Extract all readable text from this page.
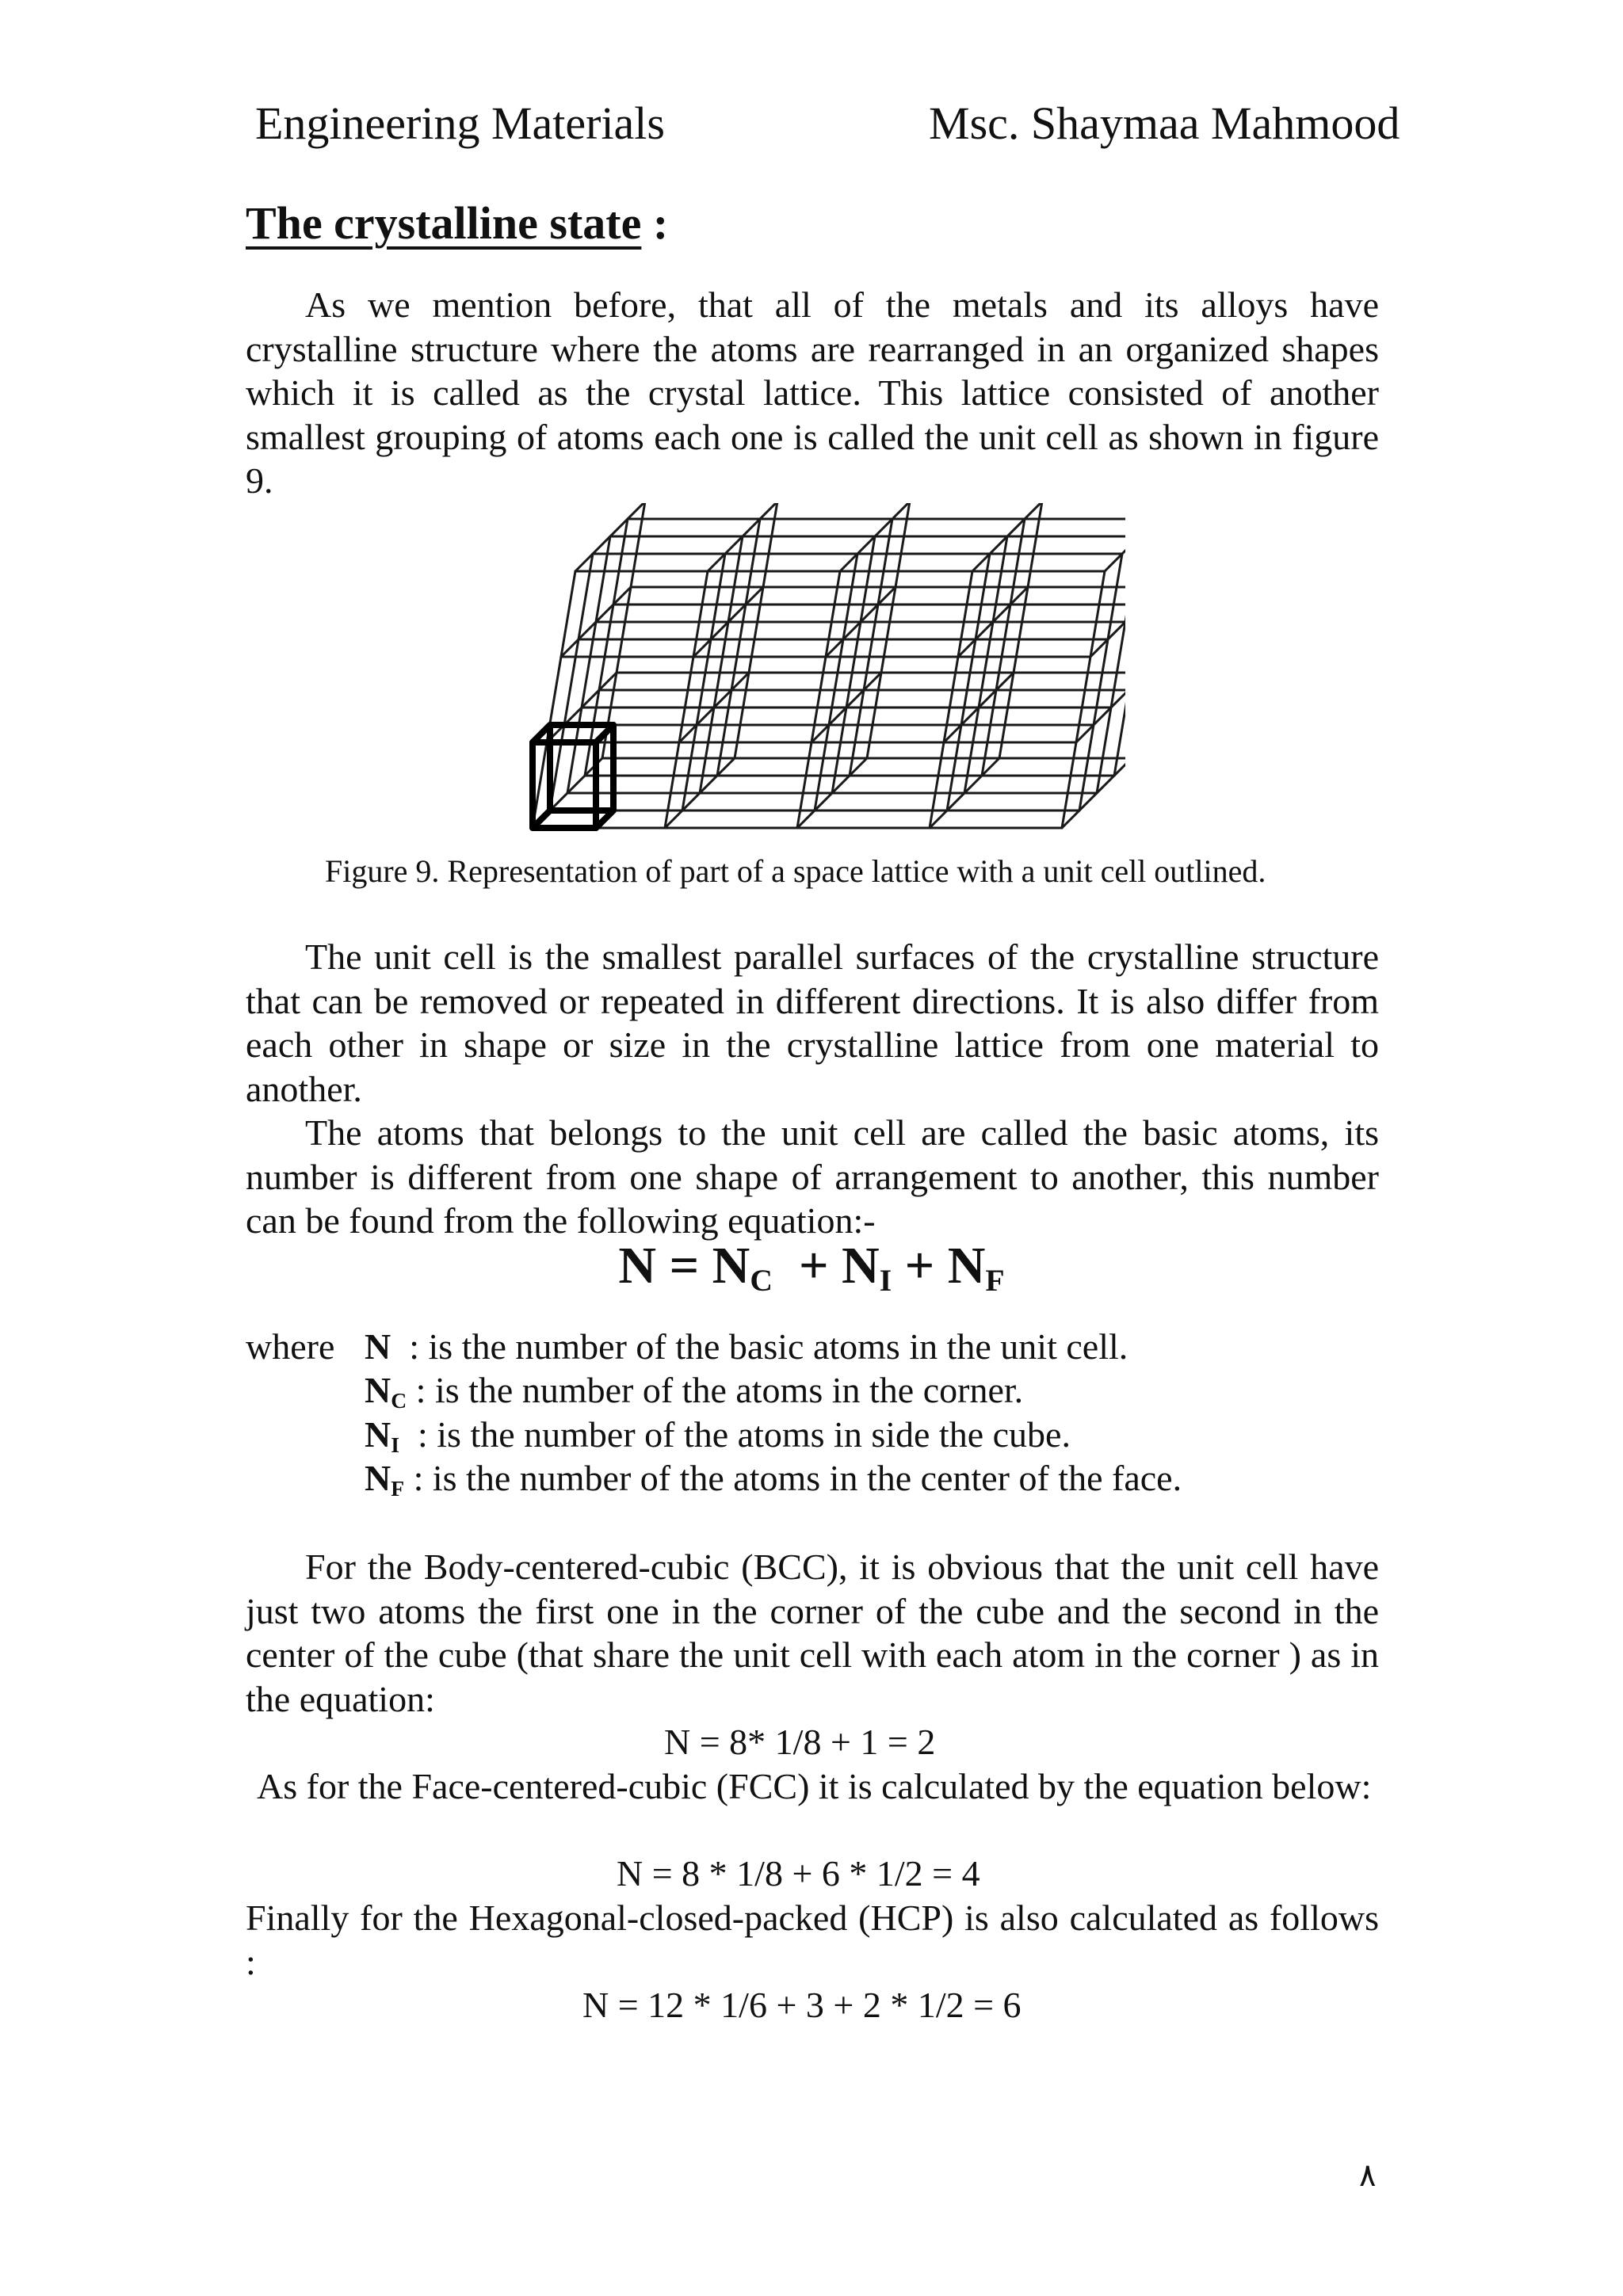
Engineering Materials	Msc. Shaymaa Mahmood
The crystalline state :

As we mention before, that all of the metals and its alloys have crystalline structure where the atoms are rearranged in an organized shapes which it is called as the crystal lattice. This lattice consisted of another smallest grouping of atoms each one is called the unit cell as shown in figure 9.

Figure 9. Representation of part of a space lattice with a unit cell outlined.

The unit cell is the smallest parallel surfaces of the crystalline structure that can be removed or repeated in different directions. It is also differ from each other in shape or size in the crystalline lattice from one material to another.

The atoms that belongs to the unit cell are called the basic atoms, its number is different from one shape of arrangement to another, this number can be found from the following equation:-

$N = N_C + N_I + N_F$
where N  : is the number of the basic atoms in the unit cell.
$N_C$ : is the number of the atoms in the corner.
$N_I$  : is the number of the atoms in side the cube.
$N_F$ : is the number of the atoms in the center of the face.

For the Body-centered-cubic (BCC), it is obvious that the unit cell have just two atoms the first one in the corner of the cube and the second in the center of the cube (that share the unit cell with each atom in the corner ) as in the equation:

N = 8* 1/8 + 1 = 2

As for the Face-centered-cubic (FCC) it is calculated by the equation below:

N = 8 * 1/8 + 6 * 1/2 = 4

Finally for the Hexagonal-closed-packed (HCP) is also calculated as follows :

N = 12 * 1/6 + 3 + 2 * 1/2 = 6
٨
